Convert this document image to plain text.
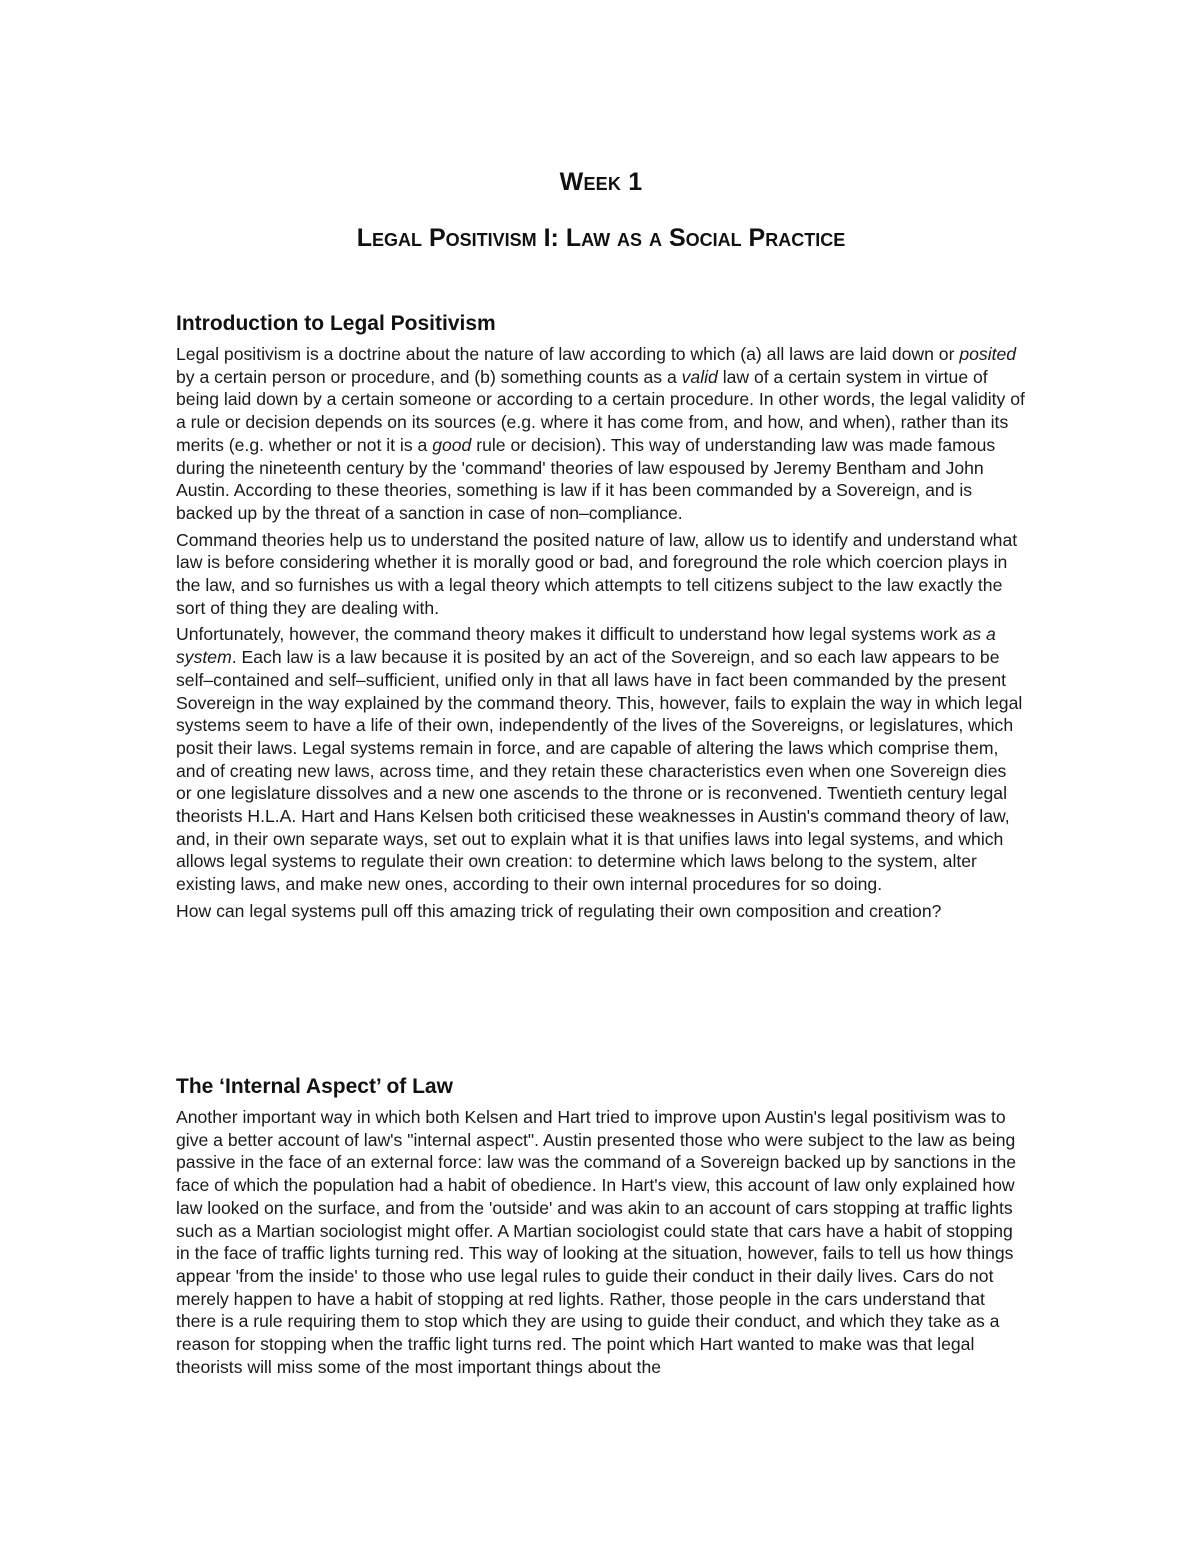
Week 1
Legal Positivism I: Law as a Social Practice
Introduction to Legal Positivism

Legal positivism is a doctrine about the nature of law according to which (a) all laws are laid down or posited by a certain person or procedure, and (b) something counts as a valid law of a certain system in virtue of being laid down by a certain someone or according to a certain procedure. In other words, the legal validity of a rule or decision depends on its sources (e.g. where it has come from, and how, and when), rather than its merits (e.g. whether or not it is a good rule or decision). This way of understanding law was made famous during the nineteenth century by the 'command' theories of law espoused by Jeremy Bentham and John Austin. According to these theories, something is law if it has been commanded by a Sovereign, and is backed up by the threat of a sanction in case of non–compliance.

Command theories help us to understand the posited nature of law, allow us to identify and understand what law is before considering whether it is morally good or bad, and foreground the role which coercion plays in the law, and so furnishes us with a legal theory which attempts to tell citizens subject to the law exactly the sort of thing they are dealing with.

Unfortunately, however, the command theory makes it difficult to understand how legal systems work as a system. Each law is a law because it is posited by an act of the Sovereign, and so each law appears to be self–contained and self–sufficient, unified only in that all laws have in fact been commanded by the present Sovereign in the way explained by the command theory. This, however, fails to explain the way in which legal systems seem to have a life of their own, independently of the lives of the Sovereigns, or legislatures, which posit their laws. Legal systems remain in force, and are capable of altering the laws which comprise them, and of creating new laws, across time, and they retain these characteristics even when one Sovereign dies or one legislature dissolves and a new one ascends to the throne or is reconvened. Twentieth century legal theorists H.L.A. Hart and Hans Kelsen both criticised these weaknesses in Austin's command theory of law, and, in their own separate ways, set out to explain what it is that unifies laws into legal systems, and which allows legal systems to regulate their own creation: to determine which laws belong to the system, alter existing laws, and make new ones, according to their own internal procedures for so doing.

How can legal systems pull off this amazing trick of regulating their own composition and creation?

The ‘Internal Aspect’ of Law

Another important way in which both Kelsen and Hart tried to improve upon Austin's legal positivism was to give a better account of law's "internal aspect". Austin presented those who were subject to the law as being passive in the face of an external force: law was the command of a Sovereign backed up by sanctions in the face of which the population had a habit of obedience. In Hart's view, this account of law only explained how law looked on the surface, and from the 'outside' and was akin to an account of cars stopping at traffic lights such as a Martian sociologist might offer. A Martian sociologist could state that cars have a habit of stopping in the face of traffic lights turning red. This way of looking at the situation, however, fails to tell us how things appear 'from the inside' to those who use legal rules to guide their conduct in their daily lives. Cars do not merely happen to have a habit of stopping at red lights. Rather, those people in the cars understand that there is a rule requiring them to stop which they are using to guide their conduct, and which they take as a reason for stopping when the traffic light turns red. The point which Hart wanted to make was that legal theorists will miss some of the most important things about the
